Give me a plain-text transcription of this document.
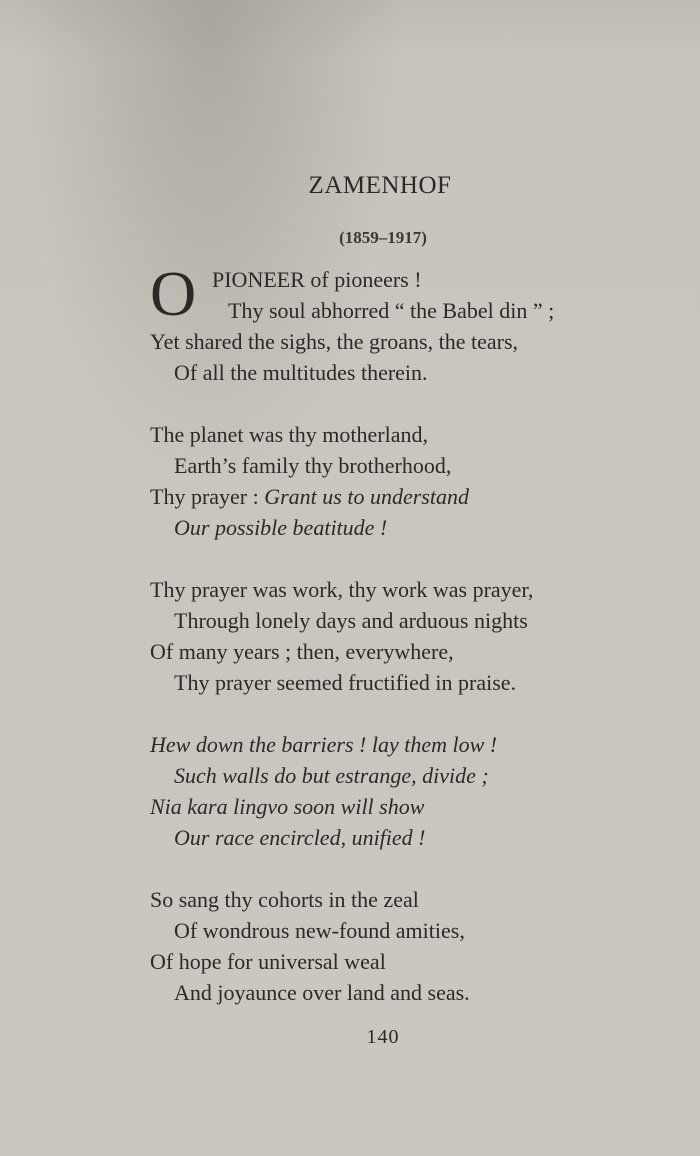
ZAMENHOF
(1859–1917)
O PIONEER of pioneers !
Thy soul abhorred “ the Babel din ” ;
Yet shared the sighs, the groans, the tears,
Of all the multitudes therein.
The planet was thy motherland,
Earth’s family thy brotherhood,
Thy prayer : Grant us to understand
Our possible beatitude !
Thy prayer was work, thy work was prayer,
Through lonely days and arduous nights
Of many years ; then, everywhere,
Thy prayer seemed fructified in praise.
Hew down the barriers ! lay them low !
Such walls do but estrange, divide ;
Nia kara lingvo soon will show
Our race encircled, unified !
So sang thy cohorts in the zeal
Of wondrous new-found amities,
Of hope for universal weal
And joyaunce over land and seas.
140
